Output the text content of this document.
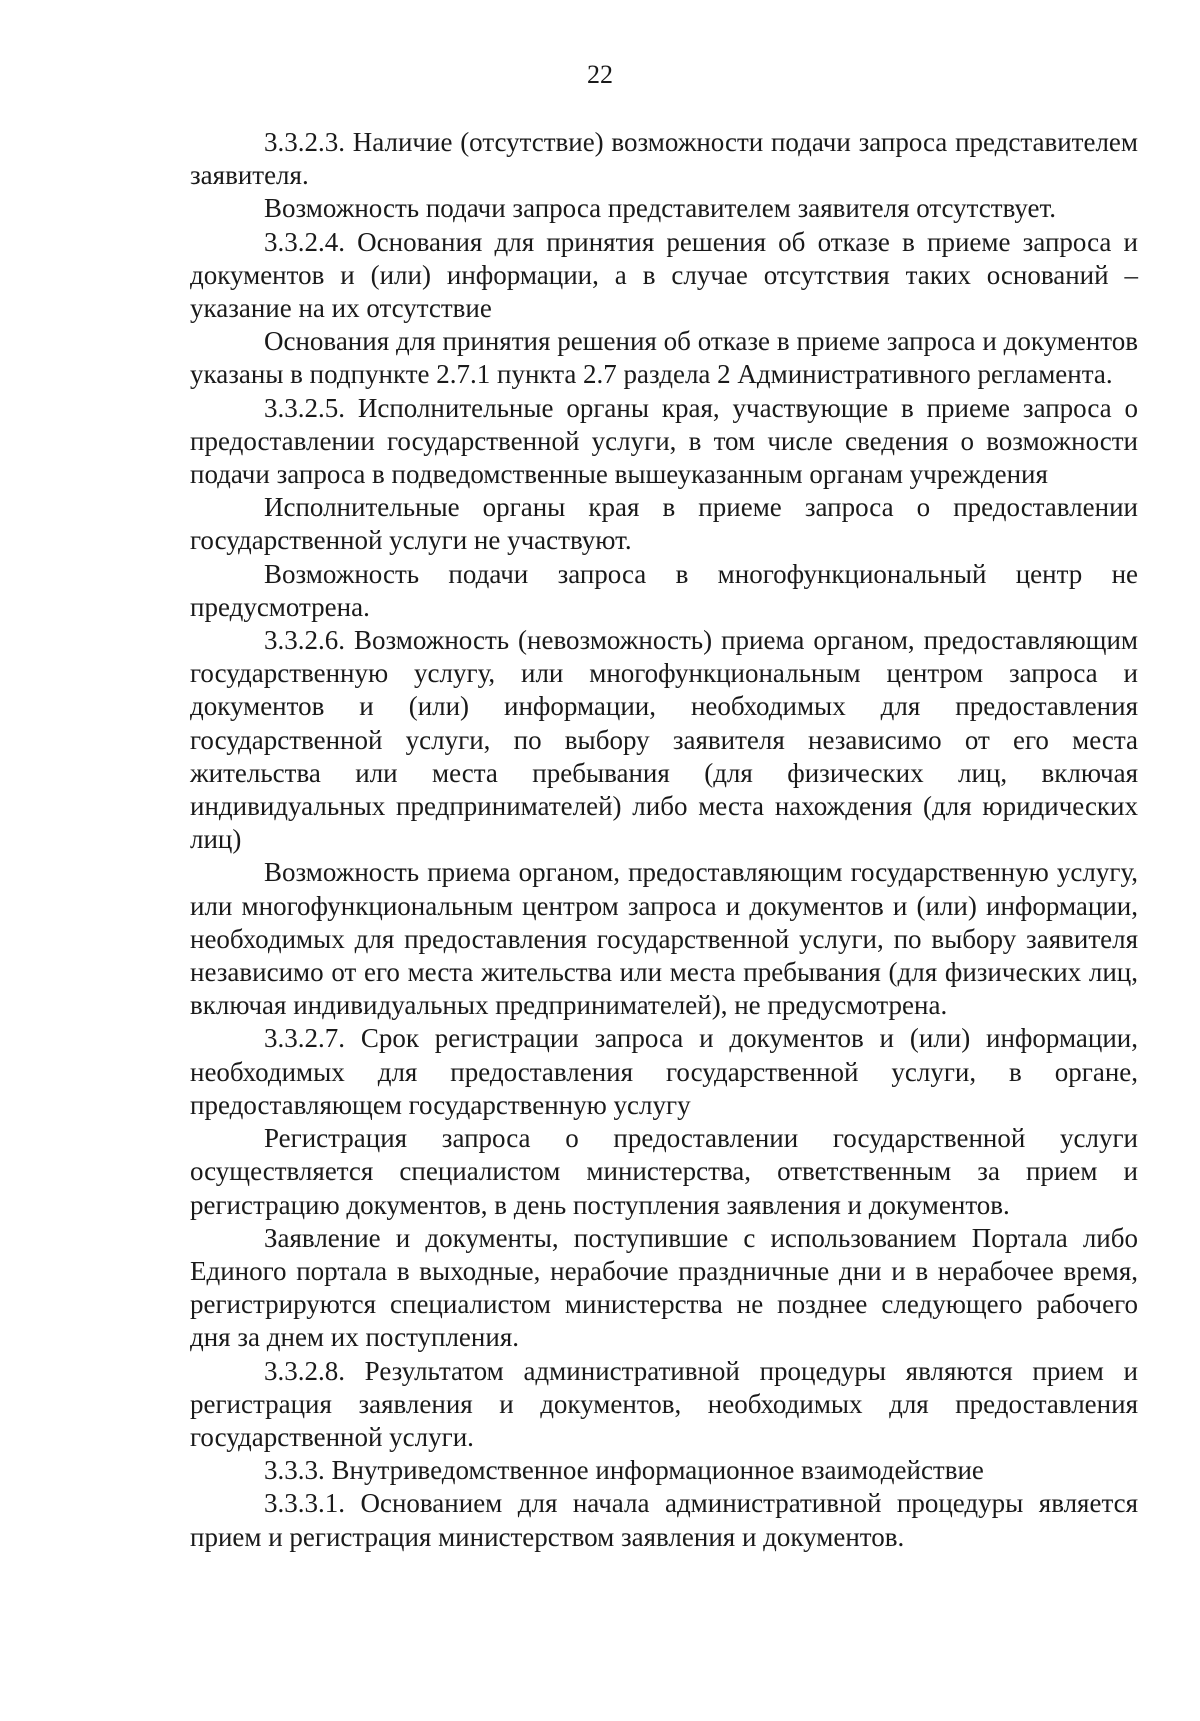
22

3.3.2.3. Наличие (отсутствие) возможности подачи запроса представителем заявителя.

Возможность подачи запроса представителем заявителя отсутствует.

3.3.2.4. Основания для принятия решения об отказе в приеме запроса и документов и (или) информации, а в случае отсутствия таких оснований – указание на их отсутствие

Основания для принятия решения об отказе в приеме запроса и документов указаны в подпункте 2.7.1 пункта 2.7 раздела 2 Административного регламента.

3.3.2.5. Исполнительные органы края, участвующие в приеме запроса о предоставлении государственной услуги, в том числе сведения о возможности подачи запроса в подведомственные вышеуказанным органам учреждения

Исполнительные органы края в приеме запроса о предоставлении государственной услуги не участвуют.

Возможность подачи запроса в многофункциональный центр не предусмотрена.

3.3.2.6. Возможность (невозможность) приема органом, предоставляющим государственную услугу, или многофункциональным центром запроса и документов и (или) информации, необходимых для предоставления государственной услуги, по выбору заявителя независимо от его места жительства или места пребывания (для физических лиц, включая индивидуальных предпринимателей) либо места нахождения (для юридических лиц)

Возможность приема органом, предоставляющим государственную услугу, или многофункциональным центром запроса и документов и (или) информации, необходимых для предоставления государственной услуги, по выбору заявителя независимо от его места жительства или места пребывания (для физических лиц, включая индивидуальных предпринимателей), не предусмотрена.

3.3.2.7. Срок регистрации запроса и документов и (или) информации, необходимых для предоставления государственной услуги, в органе, предоставляющем государственную услугу

Регистрация запроса о предоставлении государственной услуги осуществляется специалистом министерства, ответственным за прием и регистрацию документов, в день поступления заявления и документов.

Заявление и документы, поступившие с использованием Портала либо Единого портала в выходные, нерабочие праздничные дни и в нерабочее время, регистрируются специалистом министерства не позднее следующего рабочего дня за днем их поступления.

3.3.2.8. Результатом административной процедуры являются прием и регистрация заявления и документов, необходимых для предоставления государственной услуги.

3.3.3. Внутриведомственное информационное взаимодействие

3.3.3.1. Основанием для начала административной процедуры является прием и регистрация министерством заявления и документов.
